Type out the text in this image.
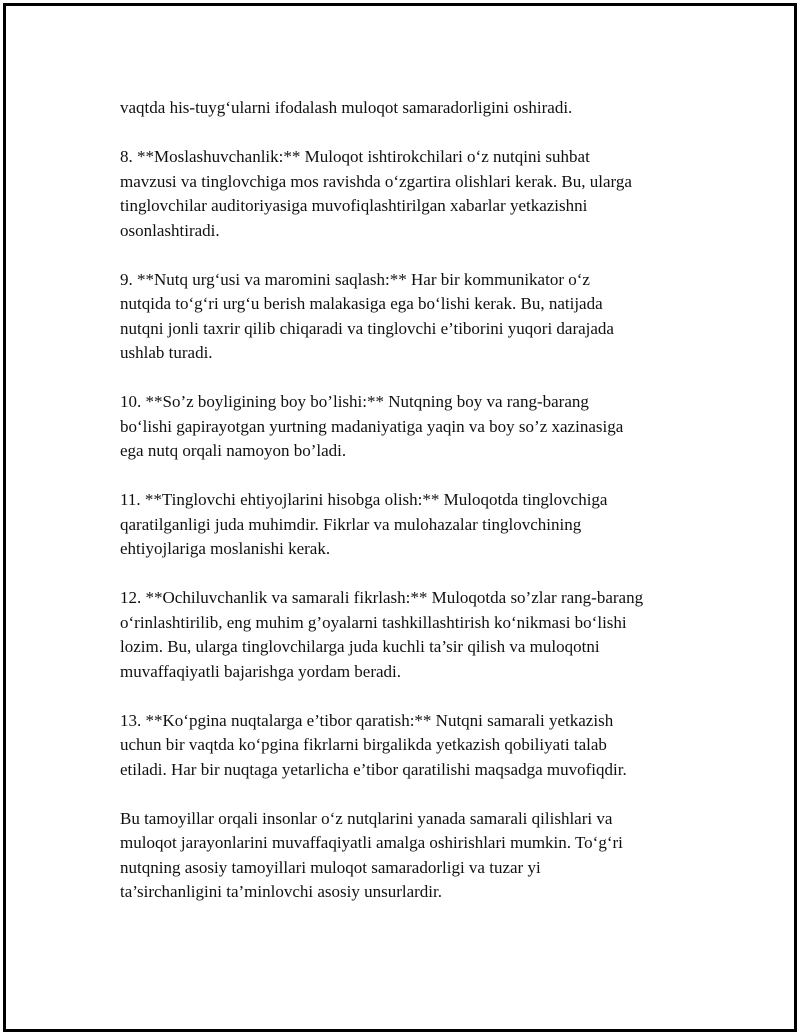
vaqtda his-tuyg‘ularni ifodalash muloqot samaradorligini oshiradi.

8. **Moslashuvchanlik:** Muloqot ishtirokchilari o‘z nutqini suhbat
mavzusi va tinglovchiga mos ravishda o‘zgartira olishlari kerak. Bu, ularga
tinglovchilar auditoriyasiga muvofiqlashtirilgan xabarlar yetkazishni
osonlashtiradi.

9. **Nutq urg‘usi va maromini saqlash:** Har bir kommunikator o‘z
nutqida to‘g‘ri urg‘u berish malakasiga ega bo‘lishi kerak. Bu, natijada
nutqni jonli taxrir qilib chiqaradi va tinglovchi e’tiborini yuqori darajada
ushlab turadi.

10. **So’z boyligining boy bo’lishi:** Nutqning boy va rang-barang
bo‘lishi gapirayotgan yurtning madaniyatiga yaqin va boy so’z xazinasiga
ega nutq orqali namoyon bo’ladi.

11. **Tinglovchi ehtiyojlarini hisobga olish:** Muloqotda tinglovchiga
qaratilganligi juda muhimdir. Fikrlar va mulohazalar tinglovchining
ehtiyojlariga moslanishi kerak.

12. **Ochiluvchanlik va samarali fikrlash:** Muloqotda so’zlar rang-barang
o‘rinlashtirilib, eng muhim g’oyalarni tashkillashtirish ko‘nikmasi bo‘lishi
lozim. Bu, ularga tinglovchilarga juda kuchli ta’sir qilish va muloqotni
muvaffaqiyatli bajarishga yordam beradi.

13. **Ko‘pgina nuqtalarga e’tibor qaratish:** Nutqni samarali yetkazish
uchun bir vaqtda ko‘pgina fikrlarni birgalikda yetkazish qobiliyati talab
etiladi. Har bir nuqtaga yetarlicha e’tibor qaratilishi maqsadga muvofiqdir.

Bu tamoyillar orqali insonlar o‘z nutqlarini yanada samarali qilishlari va
muloqot jarayonlarini muvaffaqiyatli amalga oshirishlari mumkin. To‘g‘ri
nutqning asosiy tamoyillari muloqot samaradorligi va tuzar yi
ta’sirchanligini ta’minlovchi asosiy unsurlardir.
